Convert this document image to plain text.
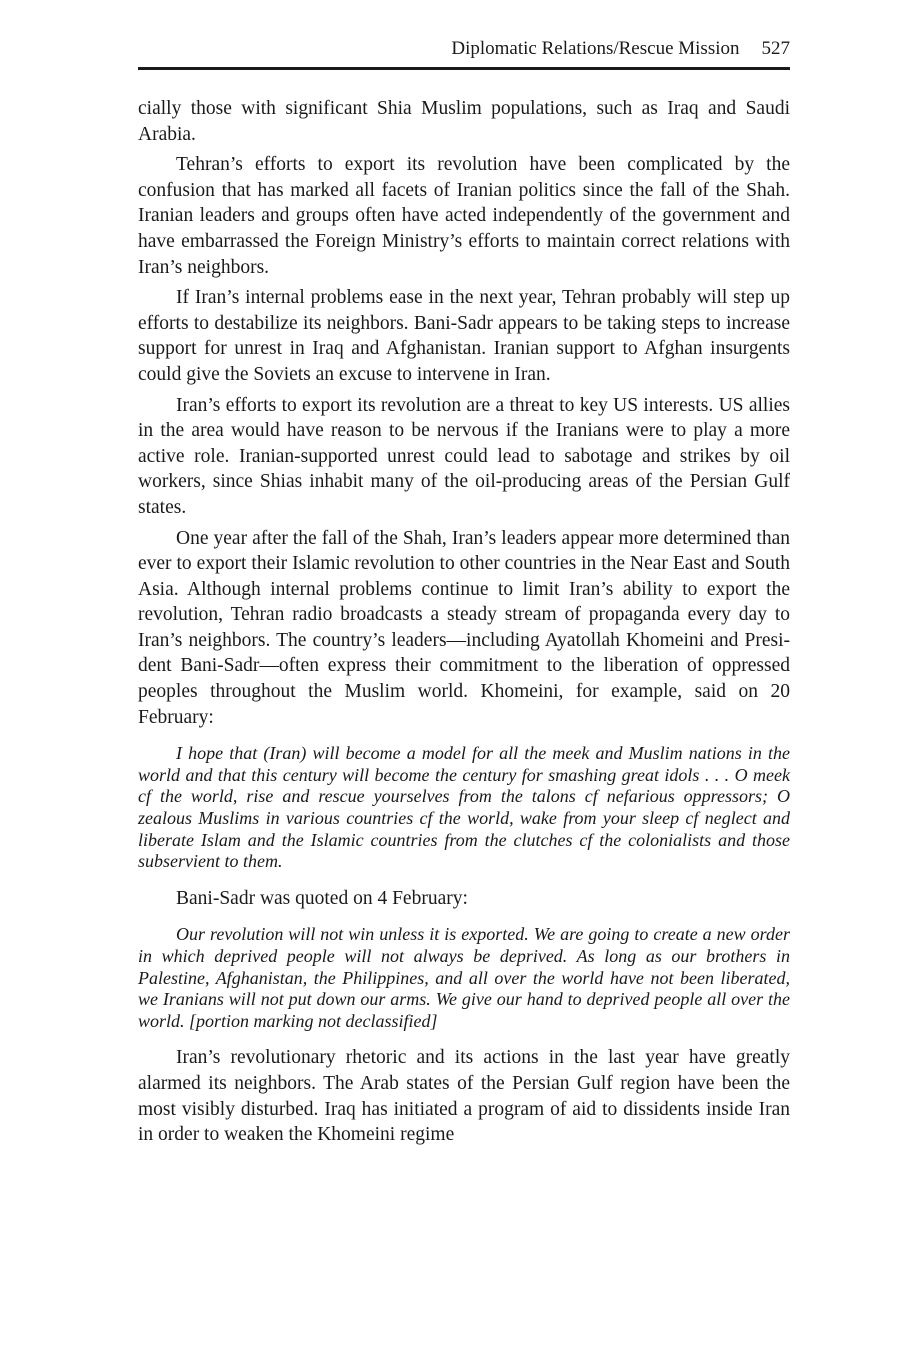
Diplomatic Relations/Rescue Mission 527

cially those with significant Shia Muslim populations, such as Iraq and Saudi Arabia.

Tehran’s efforts to export its revolution have been complicated by the confusion that has marked all facets of Iranian politics since the fall of the Shah. Iranian leaders and groups often have acted independently of the government and have embarrassed the Foreign Ministry’s efforts to maintain correct relations with Iran’s neighbors.

If Iran’s internal problems ease in the next year, Tehran probably will step up efforts to destabilize its neighbors. Bani-Sadr appears to be taking steps to increase support for unrest in Iraq and Afghanistan. Iranian support to Afghan insurgents could give the Soviets an excuse to intervene in Iran.

Iran’s efforts to export its revolution are a threat to key US interests. US allies in the area would have reason to be nervous if the Iranians were to play a more active role. Iranian-supported unrest could lead to sabotage and strikes by oil workers, since Shias inhabit many of the oil-producing areas of the Persian Gulf states.

One year after the fall of the Shah, Iran’s leaders appear more determined than ever to export their Islamic revolution to other countries in the Near East and South Asia. Although internal problems continue to limit Iran’s ability to export the revolution, Tehran radio broadcasts a steady stream of propaganda every day to Iran’s neighbors. The country’s leaders—including Ayatollah Khomeini and President Bani-Sadr—often express their commitment to the liberation of oppressed peoples throughout the Muslim world. Khomeini, for example, said on 20 February:

I hope that (Iran) will become a model for all the meek and Muslim nations in the world and that this century will become the century for smashing great idols . . . O meek cf the world, rise and rescue yourselves from the talons cf nefarious oppressors; O zealous Muslims in various countries cf the world, wake from your sleep cf neglect and liberate Islam and the Islamic countries from the clutches cf the colonialists and those subservient to them.

Bani-Sadr was quoted on 4 February:

Our revolution will not win unless it is exported. We are going to create a new order in which deprived people will not always be deprived. As long as our brothers in Palestine, Afghanistan, the Philippines, and all over the world have not been liberated, we Iranians will not put down our arms. We give our hand to deprived people all over the world. [portion marking not declassified]

Iran’s revolutionary rhetoric and its actions in the last year have greatly alarmed its neighbors. The Arab states of the Persian Gulf region have been the most visibly disturbed. Iraq has initiated a program of aid to dissidents inside Iran in order to weaken the Khomeini regime
